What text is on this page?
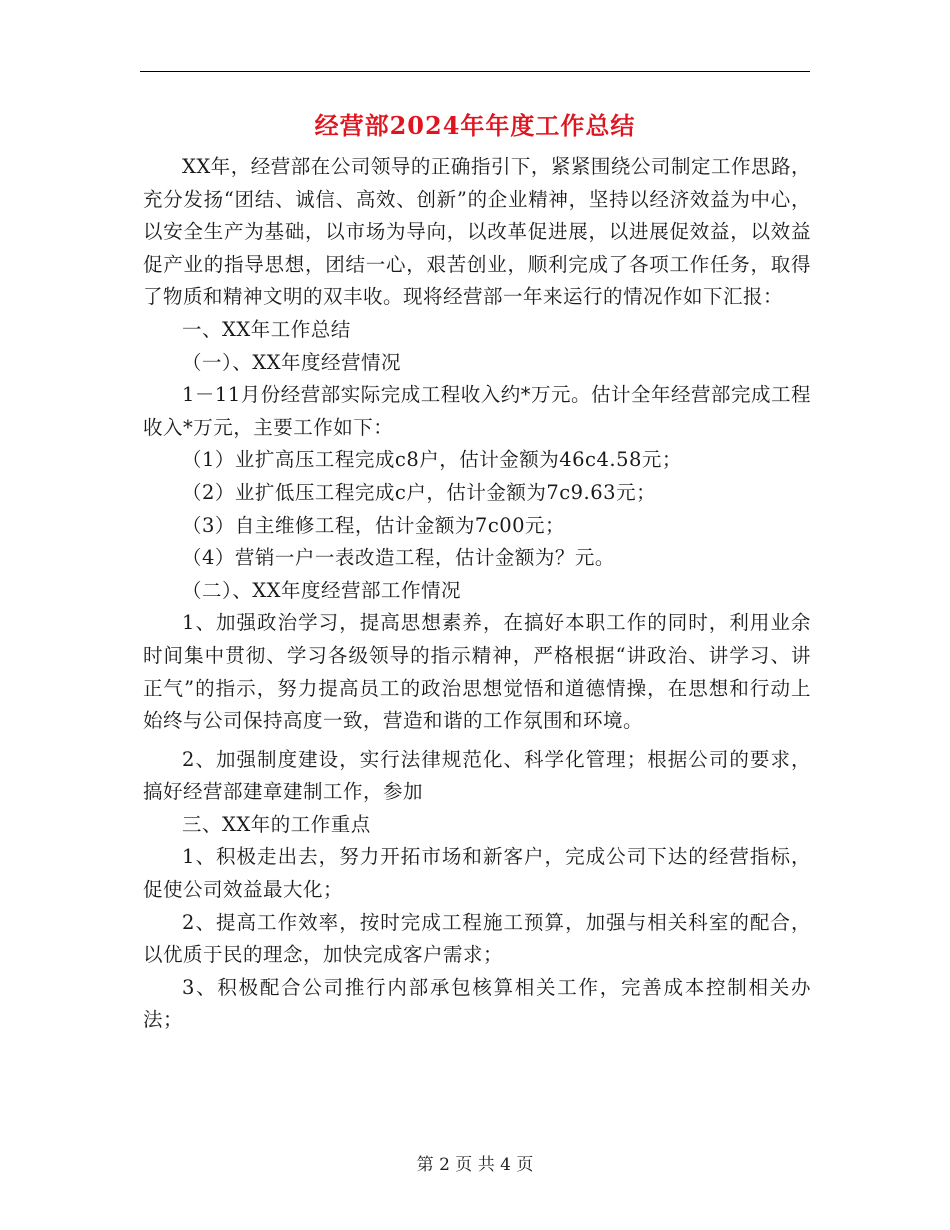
经营部2024年年度工作总结

XX年，经营部在公司领导的正确指引下，紧紧围绕公司制定工作思路，充分发扬“团结、诚信、高效、创新”的企业精神，坚持以经济效益为中心，以安全生产为基础，以市场为导向，以改革促进展，以进展促效益，以效益促产业的指导思想，团结一心，艰苦创业，顺利完成了各项工作任务，取得了物质和精神文明的双丰收。现将经营部一年来运行的情况作如下汇报：

一、XX年工作总结

（一）、XX年度经营情况

1－11月份经营部实际完成工程收入约*万元。估计全年经营部完成工程收入*万元，主要工作如下：

（1）业扩高压工程完成c8户，估计金额为46c4.58元；

（2）业扩低压工程完成c户，估计金额为7c9.63元；

（3）自主维修工程，估计金额为7c00元；

（4）营销一户一表改造工程，估计金额为？元。

（二）、XX年度经营部工作情况

1、加强政治学习，提高思想素养，在搞好本职工作的同时，利用业余时间集中贯彻、学习各级领导的指示精神，严格根据“讲政治、讲学习、讲正气”的指示，努力提高员工的政治思想觉悟和道德情操，在思想和行动上始终与公司保持高度一致，营造和谐的工作氛围和环境。

2、加强制度建设，实行法律规范化、科学化管理；根据公司的要求，搞好经营部建章建制工作，参加

三、XX年的工作重点

1、积极走出去，努力开拓市场和新客户，完成公司下达的经营指标，促使公司效益最大化；

2、提高工作效率，按时完成工程施工预算，加强与相关科室的配合，以优质于民的理念，加快完成客户需求；

3、积极配合公司推行内部承包核算相关工作，完善成本控制相关办法；

第 2 页 共 4 页
